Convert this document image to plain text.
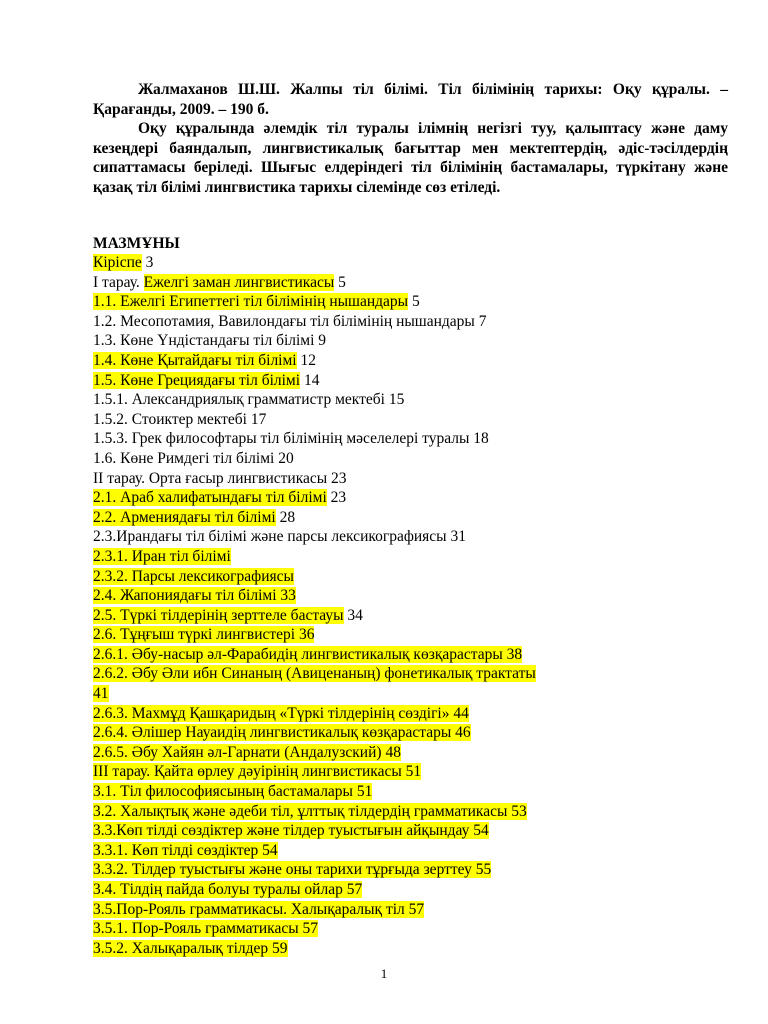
Жалмаханов Ш.Ш. Жалпы тіл білімі. Тіл білімінің тарихы: Оқу құралы. – Қарағанды, 2009. – 190 б.

Оқу құралында әлемдік тіл туралы ілімнің негізгі туу, қалыптасу және даму кезеңдері баяндалып, лингвистикалық бағыттар мен мектептердің, әдіс-тәсілдердің сипаттамасы беріледі. Шығыс елдеріндегі тіл білімінің бастамалары, түркітану және қазақ тіл білімі лингвистика тарихы сілемінде сөз етіледі.

МАЗМҰНЫ
Кіріспе 3
І тарау. Ежелгі заман лингвистикасы 5
1.1. Ежелгі Египеттегі тіл білімінің нышандары 5
1.2. Месопотамия, Вавилондағы тіл білімінің нышандары 7
1.3. Көне Үндістандағы тіл білімі 9
1.4. Көне Қытайдағы тіл білімі 12
1.5. Көне Грециядағы тіл білімі 14
1.5.1. Александриялық грамматистр мектебі 15
1.5.2. Стоиктер мектебі 17
1.5.3. Грек философтары тіл білімінің мәселелері туралы 18
1.6. Көне Римдегі тіл білімі 20
ІІ тарау. Орта ғасыр лингвистикасы 23
2.1. Араб халифатындағы тіл білімі 23
2.2. Армениядағы тіл білімі 28
2.3.Ирандағы тіл білімі және парсы лексикографиясы 31
2.3.1. Иран тіл білімі
2.3.2. Парсы лексикографиясы
2.4. Жапониядағы тіл білімі 33
2.5. Түркі тілдерінің зерттеле бастауы 34
2.6. Тұңғыш түркі лингвистері 36
2.6.1. Әбу-насыр әл-Фарабидің лингвистикалық көзқарастары 38
2.6.2. Әбу Әли ибн Синаның (Авиценаның) фонетикалық трактаты 41
2.6.3. Махмұд Қашқаридың «Түркі тілдерінің сөздігі» 44
2.6.4. Әлішер Науаидің лингвистикалық көзқарастары 46
2.6.5. Әбу Хайян әл-Гарнати (Андалузский) 48
ІІІ тарау. Қайта өрлеу дәуірінің лингвистикасы 51
3.1. Тіл философиясының бастамалары 51
3.2. Халықтық және әдеби тіл, ұлттық тілдердің грамматикасы 53
3.3.Көп тілді сөздіктер және тілдер туыстығын айқындау 54
3.3.1. Көп тілді сөздіктер 54
3.3.2. Тілдер туыстығы және оны тарихи тұрғыда зерттеу 55
3.4. Тілдің пайда болуы туралы ойлар 57
3.5.Пор-Рояль грамматикасы. Халықаралық тіл 57
3.5.1. Пор-Рояль грамматикасы 57
3.5.2. Халықаралық тілдер 59
1
